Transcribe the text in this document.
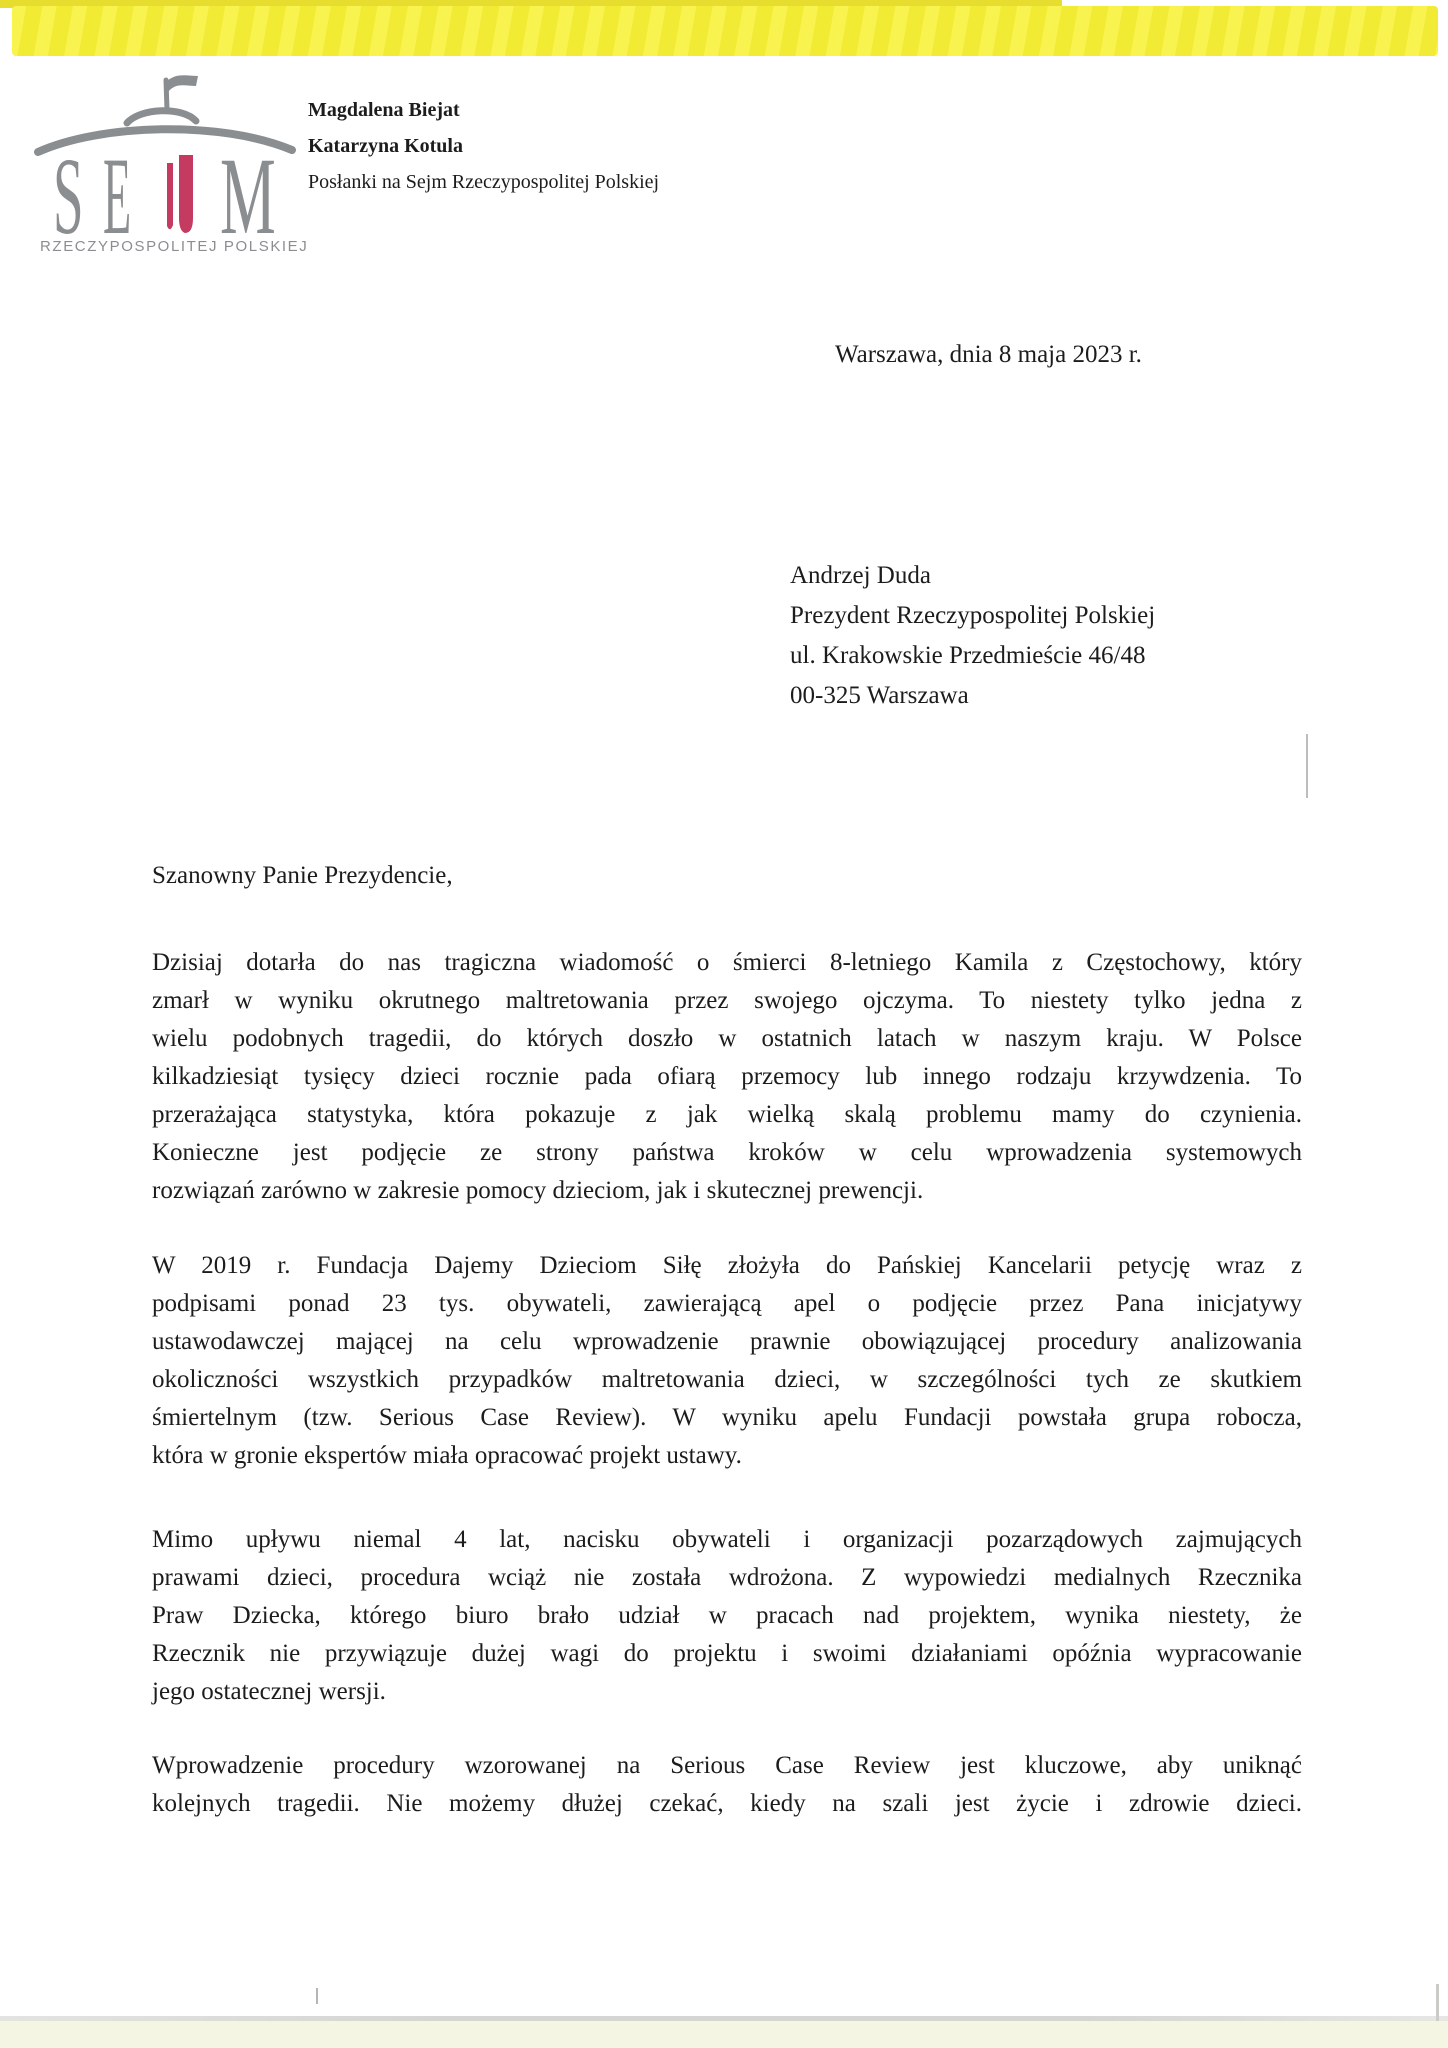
S E M
RZECZYPOSPOLITEJ POLSKIEJ
Magdalena Biejat
Katarzyna Kotula
Posłanki na Sejm Rzeczypospolitej Polskiej
Warszawa, dnia 8 maja 2023 r.
Andrzej Duda
Prezydent Rzeczypospolitej Polskiej
ul. Krakowskie Przedmieście 46/48
00-325 Warszawa
Szanowny Panie Prezydencie,
Dzisiaj dotarła do nas tragiczna wiadomość o śmierci 8-letniego Kamila z Częstochowy, który
zmarł w wyniku okrutnego maltretowania przez swojego ojczyma. To niestety tylko jedna z
wielu podobnych tragedii, do których doszło w ostatnich latach w naszym kraju. W Polsce
kilkadziesiąt tysięcy dzieci rocznie pada ofiarą przemocy lub innego rodzaju krzywdzenia. To
przerażająca statystyka, która pokazuje z jak wielką skalą problemu mamy do czynienia.
Konieczne jest podjęcie ze strony państwa kroków w celu wprowadzenia systemowych
rozwiązań zarówno w zakresie pomocy dzieciom, jak i skutecznej prewencji.
W 2019 r. Fundacja Dajemy Dzieciom Siłę złożyła do Pańskiej Kancelarii petycję wraz z
podpisami ponad 23 tys. obywateli, zawierającą apel o podjęcie przez Pana inicjatywy
ustawodawczej mającej na celu wprowadzenie prawnie obowiązującej procedury analizowania
okoliczności wszystkich przypadków maltretowania dzieci, w szczególności tych ze skutkiem
śmiertelnym (tzw. Serious Case Review). W wyniku apelu Fundacji powstała grupa robocza,
która w gronie ekspertów miała opracować projekt ustawy.
Mimo upływu niemal 4 lat, nacisku obywateli i organizacji pozarządowych zajmujących
prawami dzieci, procedura wciąż nie została wdrożona. Z wypowiedzi medialnych Rzecznika
Praw Dziecka, którego biuro brało udział w pracach nad projektem, wynika niestety, że
Rzecznik nie przywiązuje dużej wagi do projektu i swoimi działaniami opóźnia wypracowanie
jego ostatecznej wersji.
Wprowadzenie procedury wzorowanej na Serious Case Review jest kluczowe, aby uniknąć
kolejnych tragedii. Nie możemy dłużej czekać, kiedy na szali jest życie i zdrowie dzieci.
